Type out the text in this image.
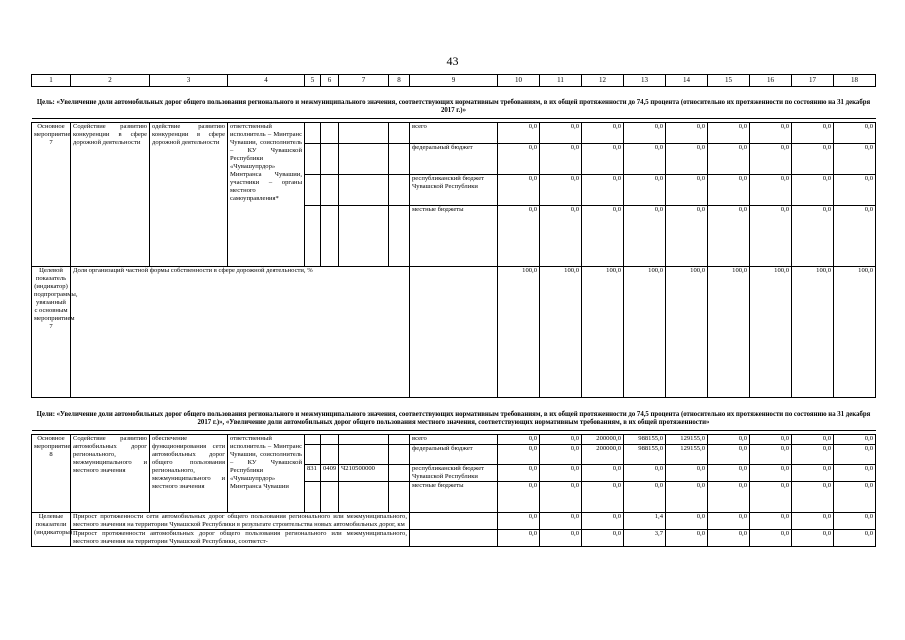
43
1	2	3	4	5	6	7	8	9	10	11	12	13	14	15	16	17	18
Цель: «Увеличение доли автомобильных дорог общего пользования регионального и межмуниципального значения, соответствующих нормативным требованиям, в их общей протяженности до 74,5 процента (относительно их протяженности по состоянию на 31 декабря 2017 г.)»																	

Основное мероприятие 7	Содействие развитию конкуренции в сфере дорожной деятельности	одействие развитию конкуренции в сфере дорожной деятельности	ответственный исполнитель – Минтранс Чувашии, соисполнитель – КУ Чувашской Республики «Чувашупрдор» Минтранса Чувашии, участники – органы местного самоуправления*					всего	0,0	0,0	0,0	0,0	0,0	0,0	0,0	0,0	0,0
								федеральный бюджет	0,0	0,0	0,0	0,0	0,0	0,0	0,0	0,0	0,0
								республиканский бюджет Чувашской Республики	0,0	0,0	0,0	0,0	0,0	0,0	0,0	0,0	0,0
								местные бюджеты	0,0	0,0	0,0	0,0	0,0	0,0	0,0	0,0	0,0
Целевой показатель (индикатор) подпрограммы, увязанный с основным мероприятием 7	Доля организаций частной формы собственности в сфере дорожной деятельности, %								100,0	100,0	100,0	100,0	100,0	100,0	100,0	100,0	100,0
Цели: «Увеличение доли автомобильных дорог общего пользования регионального и межмуниципального значения, соответствующих нормативным требованиям, в их общей протяженности до 74,5 процента (относительно их протяженности по состоянию на 31 декабря 2017 г.)», «Увеличение доли автомобильных дорог общего пользования местного значения, соответствующих нормативным требованиям, в их общей протяженности»																	

Основное мероприятие 8	Содействие развитию автомобильных дорог регионального, межмуниципального и местного значения	обеспечение функционирования сети автомобильных дорог общего пользования регионального, межмуниципального и местного значения	ответственный исполнитель – Минтранс Чувашии, соисполнитель – КУ Чувашской Республики «Чувашупрдор» Минтранса Чувашии					всего	0,0	0,0	200000,0	988155,0	129155,0	0,0	0,0	0,0	0,0
								федеральный бюджет	0,0	0,0	200000,0	988155,0	129155,0	0,0	0,0	0,0	0,0
				831	0409	Ч210500000		республиканский бюджет Чувашской Республики	0,0	0,0	0,0	0,0	0,0	0,0	0,0	0,0	0,0
								местные бюджеты	0,0	0,0	0,0	0,0	0,0	0,0	0,0	0,0	0,0
Целевые показатели (индикаторы)	Прирост протяженности сети автомобильных дорог общего пользования регионального или межмуниципального, местного значения на территории Чувашской Республики в результате строительства новых автомобильных дорог, км								0,0	0,0	0,0	1,4	0,0	0,0	0,0	0,0	0,0
	Прирост протяженности автомобильных дорог общего пользования регионального или межмуниципального, местного значения на территории Чувашской Республики, соответст-								0,0	0,0	0,0	3,7	0,0	0,0	0,0	0,0	0,0
